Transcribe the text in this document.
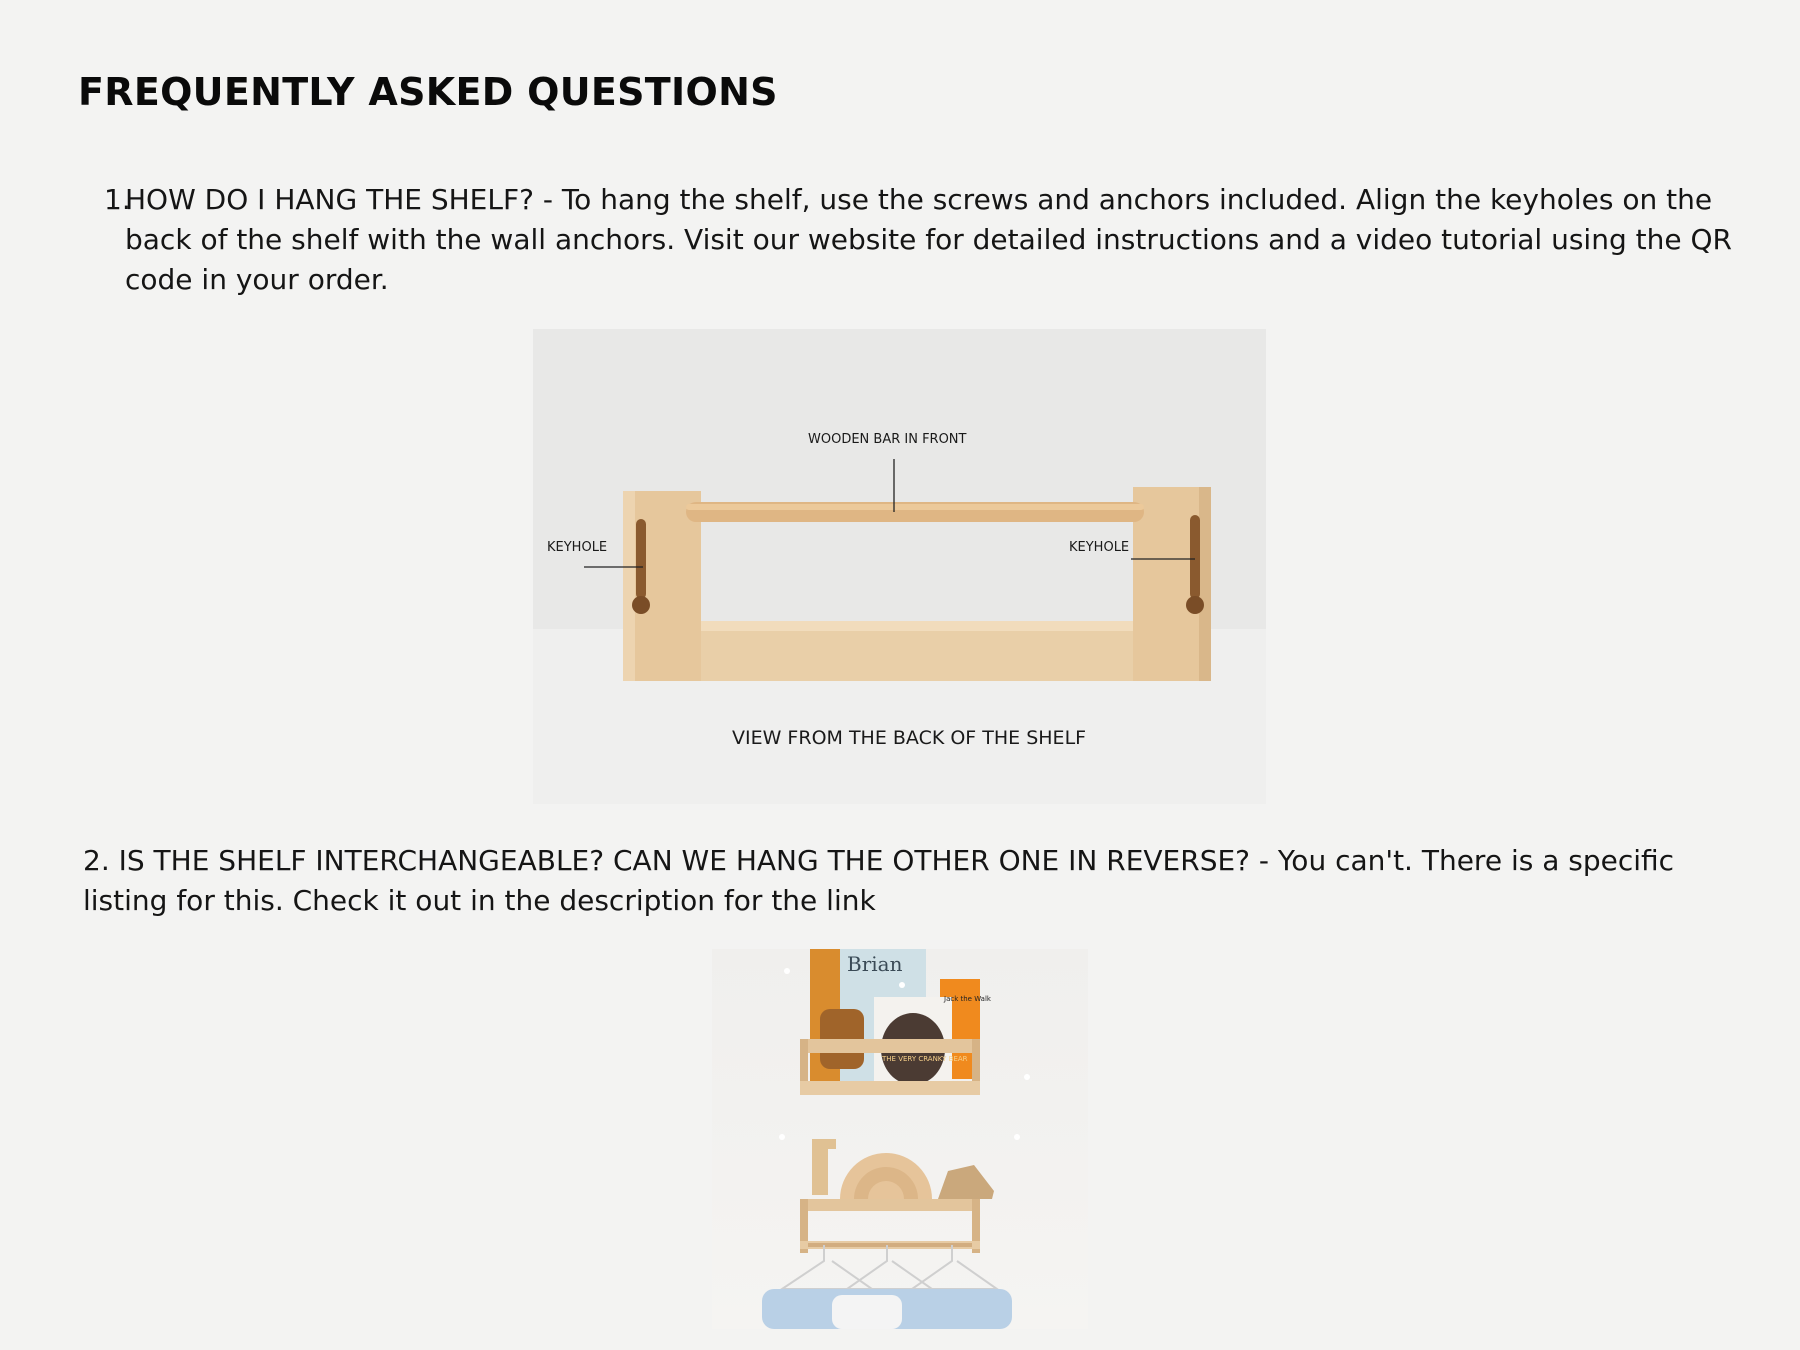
FREQUENTLY ASKED QUESTIONS
1.
HOW DO I HANG THE SHELF? - To hang the shelf, use the screws and anchors included. Align the keyholes on the back of the shelf with the wall anchors. Visit our website for detailed instructions and a video tutorial using the QR code in your order.
WOODEN BAR IN FRONT
KEYHOLE	KEYHOLE
VIEW FROM THE BACK OF THE SHELF
2. IS THE SHELF INTERCHANGEABLE? CAN WE HANG THE OTHER ONE IN REVERSE? - You can't. There is a specific listing for this. Check it out in the description for the link
Brian
Jack the Walk
THE VERY CRANKY BEAR
